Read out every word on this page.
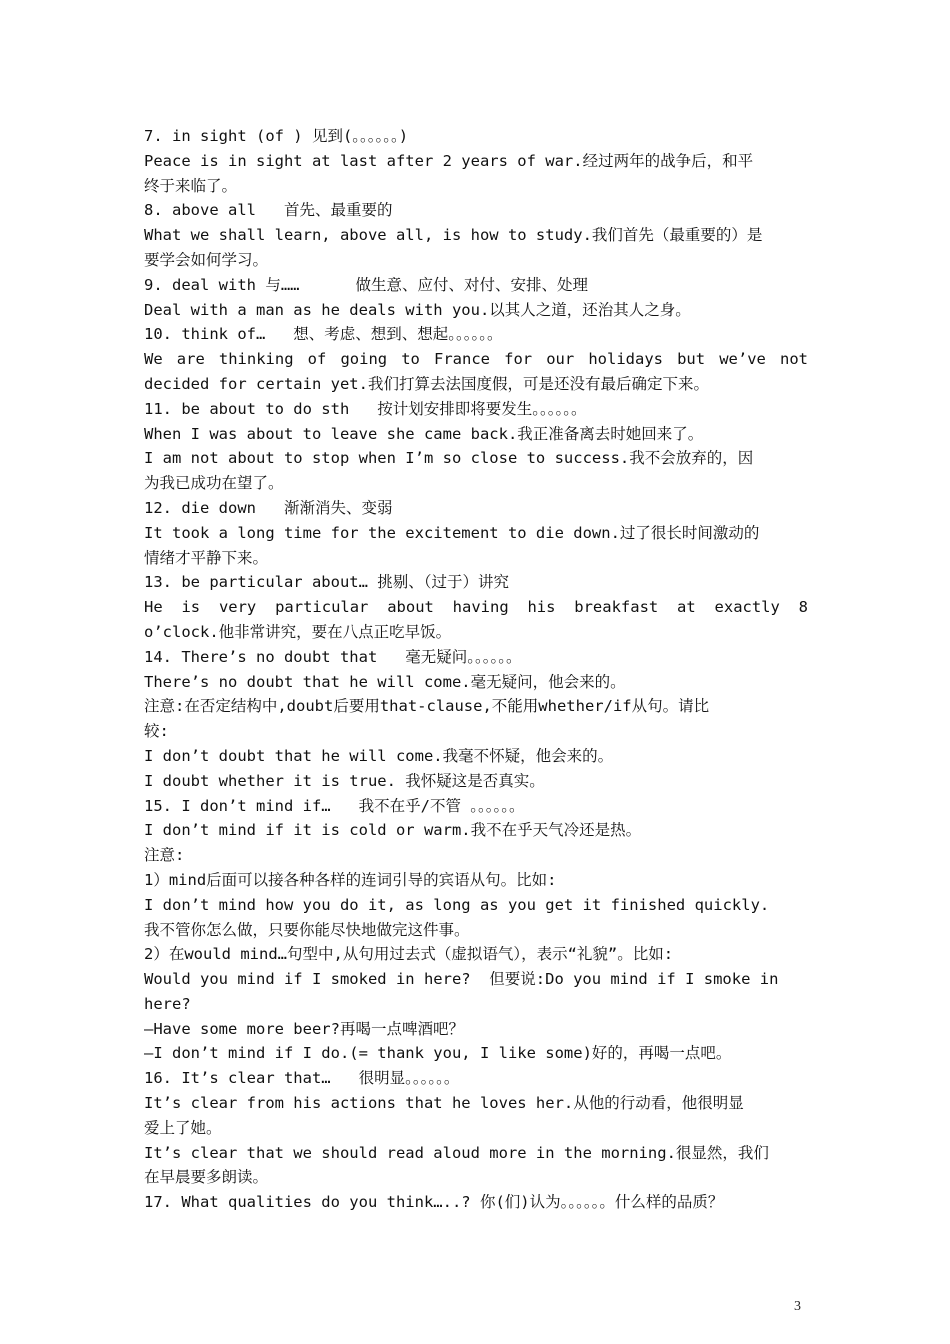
7. in sight (of ) 见到(。。。。。。)
Peace is in sight at last after 2 years of war.经过两年的战争后，和平
终于来临了。
8. above all   首先、最重要的
What we shall learn, above all, is how to study.我们首先（最重要的）是
要学会如何学习。
9. deal with 与……      做生意、应付、对付、安排、处理
Deal with a man as he deals with you.以其人之道，还治其人之身。
10. think of…   想、考虑、想到、想起。。。。。。
We are thinking of going to France for our holidays but we’ve not
decided for certain yet.我们打算去法国度假，可是还没有最后确定下来。
11. be about to do sth   按计划安排即将要发生。。。。。。
When I was about to leave she came back.我正准备离去时她回来了。
I am not about to stop when I’m so close to success.我不会放弃的，因
为我已成功在望了。
12. die down   渐渐消失、变弱
It took a long time for the excitement to die down.过了很长时间激动的
情绪才平静下来。
13. be particular about… 挑剔、（过于）讲究
He is very particular about having his breakfast at exactly 8
o’clock.他非常讲究，要在八点正吃早饭。
14. There’s no doubt that   毫无疑问。。。。。。
There’s no doubt that he will come.毫无疑问，他会来的。
注意:在否定结构中,doubt后要用that-clause,不能用whether/if从句。请比
较:
I don’t doubt that he will come.我毫不怀疑，他会来的。
I doubt whether it is true. 我怀疑这是否真实。
15. I don’t mind if…   我不在乎/不管 。。。。。。
I don’t mind if it is cold or warm.我不在乎天气冷还是热。
注意:
1）mind后面可以接各种各样的连词引导的宾语从句。比如:
I don’t mind how you do it, as long as you get it finished quickly.
我不管你怎么做，只要你能尽快地做完这件事。
2）在would mind…句型中,从句用过去式（虚拟语气），表示“礼貌”。比如:
Would you mind if I smoked in here?  但要说:Do you mind if I smoke in
here?
—Have some more beer?再喝一点啤酒吧？
—I don’t mind if I do.(= thank you, I like some)好的，再喝一点吧。
16. It’s clear that…   很明显。。。。。。
It’s clear from his actions that he loves her.从他的行动看，他很明显
爱上了她。
It’s clear that we should read aloud more in the morning.很显然，我们
在早晨要多朗读。
17. What qualities do you think…..? 你(们)认为。。。。。。什么样的品质？
3
